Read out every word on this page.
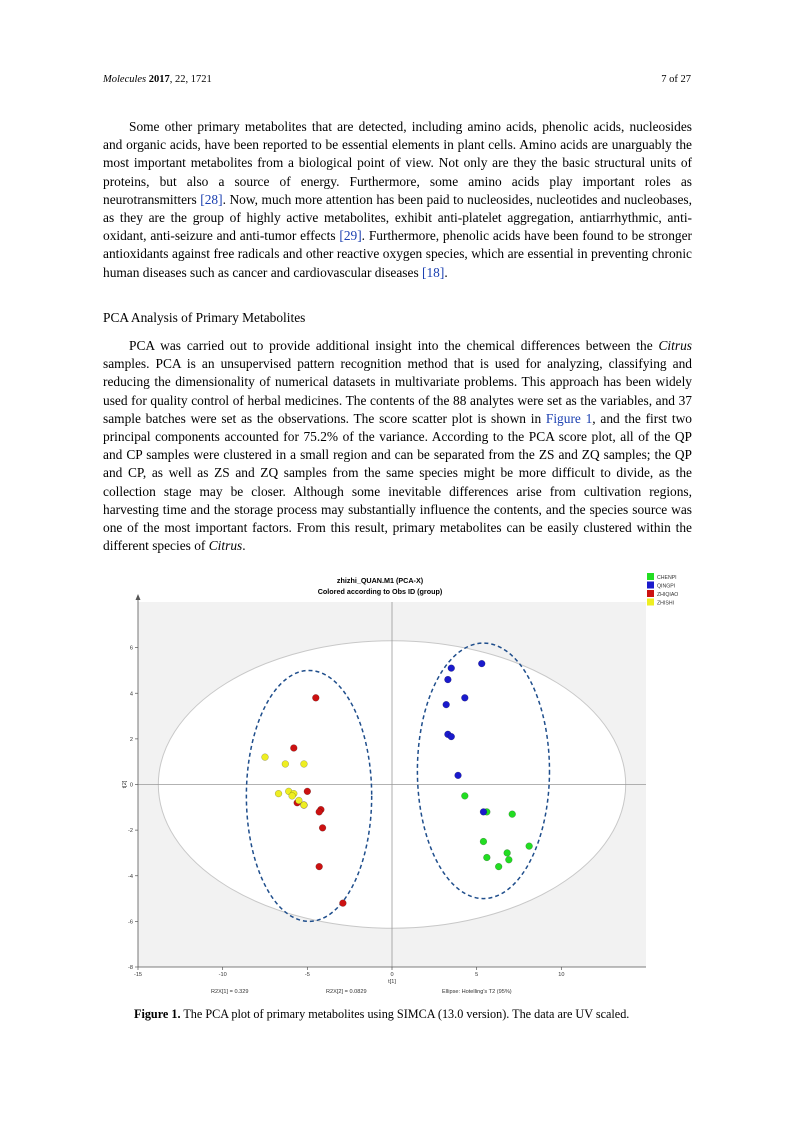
Molecules 2017, 22, 1721	7 of 27

Some other primary metabolites that are detected, including amino acids, phenolic acids, nucleosides and organic acids, have been reported to be essential elements in plant cells. Amino acids are unarguably the most important metabolites from a biological point of view. Not only are they the basic structural units of proteins, but also a source of energy. Furthermore, some amino acids play important roles as neurotransmitters [28]. Now, much more attention has been paid to nucleosides, nucleotides and nucleobases, as they are the group of highly active metabolites, exhibit anti-platelet aggregation, antiarrhythmic, anti-oxidant, anti-seizure and anti-tumor effects [29]. Furthermore, phenolic acids have been found to be stronger antioxidants against free radicals and other reactive oxygen species, which are essential in preventing chronic human diseases such as cancer and cardiovascular diseases [18].

PCA Analysis of Primary Metabolites

PCA was carried out to provide additional insight into the chemical differences between the Citrus samples. PCA is an unsupervised pattern recognition method that is used for analyzing, classifying and reducing the dimensionality of numerical datasets in multivariate problems. This approach has been widely used for quality control of herbal medicines. The contents of the 88 analytes were set as the variables, and 37 sample batches were set as the observations. The score scatter plot is shown in Figure 1, and the first two principal components accounted for 75.2% of the variance. According to the PCA score plot, all of the QP and CP samples were clustered in a small region and can be separated from the ZS and ZQ samples; the QP and CP, as well as ZS and ZQ samples from the same species might be more difficult to divide, as the collection stage may be closer. Although some inevitable differences arise from cultivation regions, harvesting time and the storage process may substantially influence the contents, and the species source was one of the most important factors. From this result, primary metabolites can be easily clustered within the different species of Citrus.

zhizhi_QUAN.M1 (PCA-X)
Colored according to Obs ID (group)
CHENPI
QINGPI
ZHIQIAO
ZHISHI
-8
-6
-4
-2
0
2
4
6
-15	-10	-5	0	5	10
t[1]
t[2]
R2X[1] = 0.329	R2X[2] = 0.0829	Ellipse: Hotelling's T2 (95%)
Figure 1. The PCA plot of primary metabolites using SIMCA (13.0 version). The data are UV scaled.
